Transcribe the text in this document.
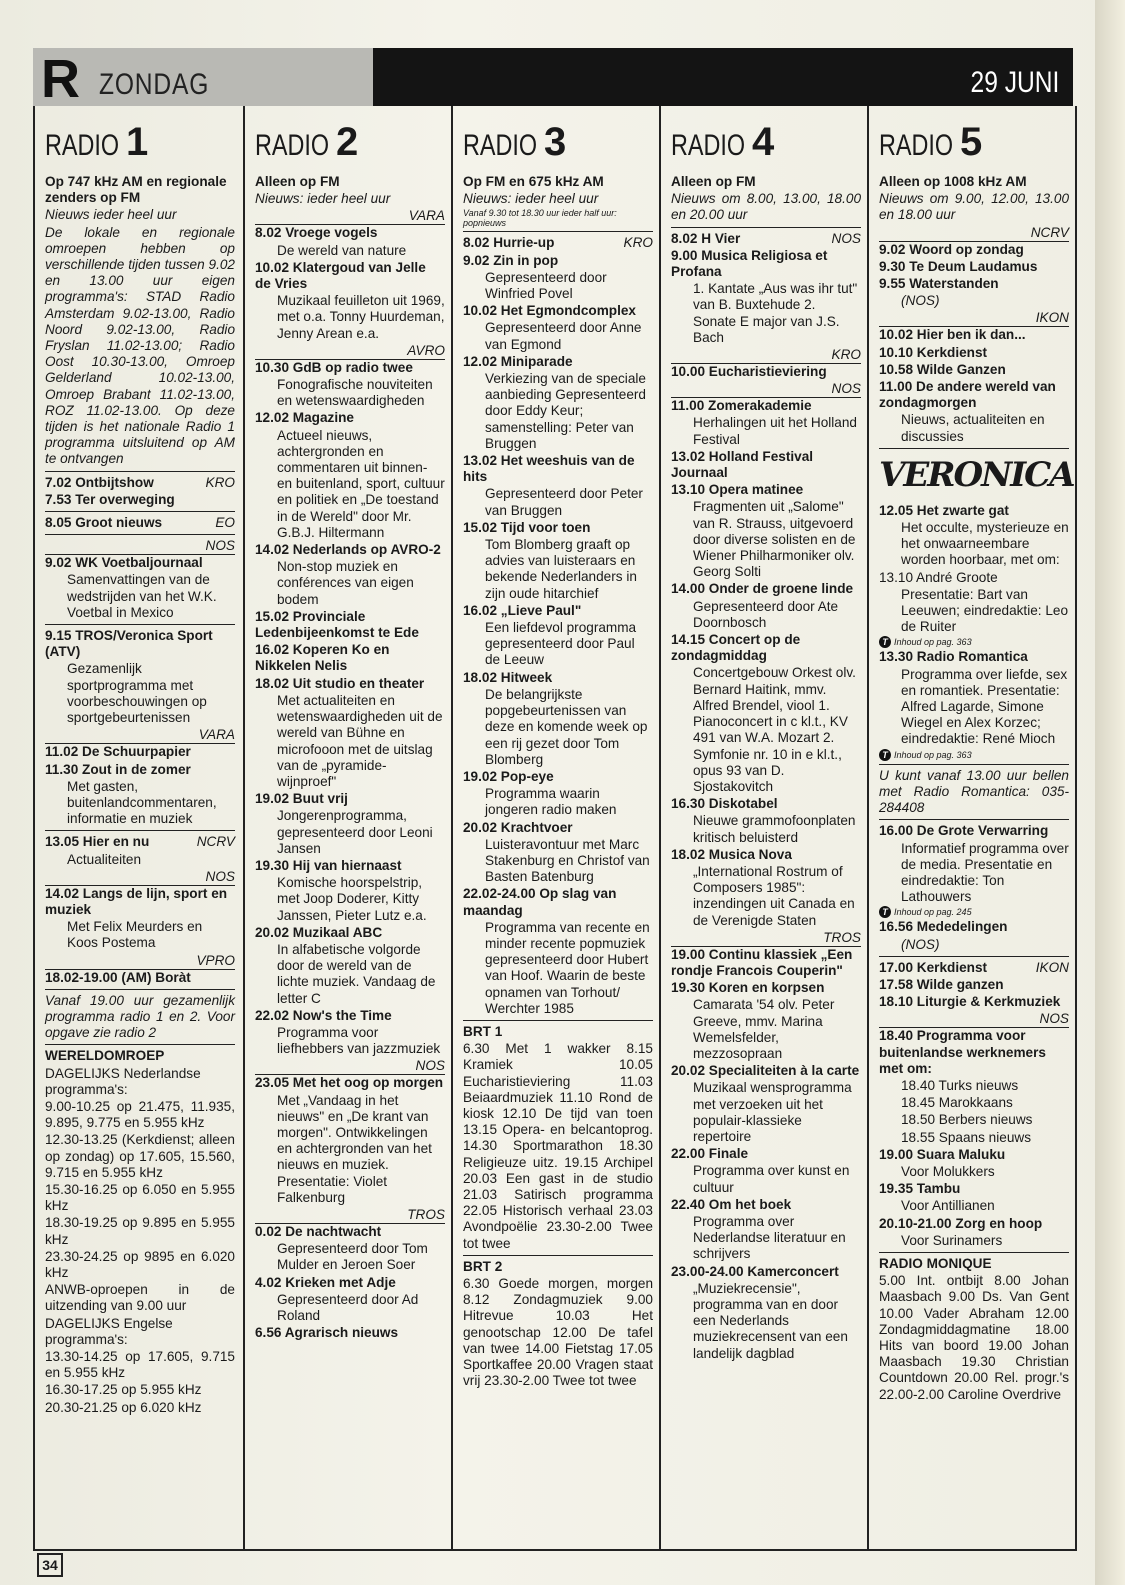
R ZONDAG	29 JUNI
RADIO 1
Op 747 kHz AM en regionale zenders op FM
Nieuws ieder heel uur
De lokale en regionale omroepen hebben op verschillende tijden tussen 9.02 en 13.00 uur eigen programma's: STAD Radio Amsterdam 9.02-13.00, Radio Noord 9.02-13.00, Radio Fryslan 11.02-13.00; Radio Oost 10.30-13.00, Omroep Gelderland 10.02-13.00, Omroep Brabant 11.02-13.00, ROZ 11.02-13.00. Op deze tijden is het nationale Radio 1 programma uitsluitend op AM te ontvangen
7.02 Ontbijtshow	KRO
7.53 Ter overweging
8.05 Groot nieuws	EO
NOS
9.02 WK Voetbaljournaal
Samenvattingen van de wedstrijden van het W.K. Voetbal in Mexico
9.15 TROS/Veronica Sport (ATV)
Gezamenlijk sportprogramma met voorbeschouwingen op sportgebeurtenissen
VARA
11.02 De Schuurpapier
11.30 Zout in de zomer
Met gasten, buitenlandcommentaren, informatie en muziek
13.05 Hier en nu	NCRV
Actualiteiten
NOS
14.02 Langs de lijn, sport en muziek
Met Felix Meurders en Koos Postema
VPRO
18.02-19.00 (AM) Boràt
Vanaf 19.00 uur gezamenlijk programma radio 1 en 2. Voor opgave zie radio 2
WERELDOMROEP
DAGELIJKS Nederlandse programma's:
9.00-10.25 op 21.475, 11.935, 9.895, 9.775 en 5.955 kHz
12.30-13.25 (Kerkdienst; alleen op zondag) op 17.605, 15.560, 9.715 en 5.955 kHz
15.30-16.25 op 6.050 en 5.955 kHz
18.30-19.25 op 9.895 en 5.955 kHz
23.30-24.25 op 9895 en 6.020 kHz
ANWB-oproepen in de uitzending van 9.00 uur
DAGELIJKS Engelse programma's:
13.30-14.25 op 17.605, 9.715 en 5.955 kHz
16.30-17.25 op 5.955 kHz
20.30-21.25 op 6.020 kHz
RADIO 2
Alleen op FM
Nieuws: ieder heel uur
VARA
8.02 Vroege vogels
De wereld van nature
10.02 Klatergoud van Jelle de Vries
Muzikaal feuilleton uit 1969, met o.a. Tonny Huurdeman, Jenny Arean e.a.
AVRO
10.30 GdB op radio twee
Fonografische nouviteiten en wetenswaardigheden
12.02 Magazine
Actueel nieuws, achtergronden en commentaren uit binnen- en buitenland, sport, cultuur en politiek en „De toestand in de Wereld" door Mr. G.B.J. Hiltermann
14.02 Nederlands op AVRO-2
Non-stop muziek en conférences van eigen bodem
15.02 Provinciale Ledenbijeenkomst te Ede
16.02 Koperen Ko en Nikkelen Nelis
18.02 Uit studio en theater
Met actualiteiten en wetenswaardigheden uit de wereld van Bühne en microfooon met de uitslag van de „pyramide-wijnproef"
19.02 Buut vrij
Jongerenprogramma, gepresenteerd door Leoni Jansen
19.30 Hij van hiernaast
Komische hoorspelstrip, met Joop Doderer, Kitty Janssen, Pieter Lutz e.a.
20.02 Muzikaal ABC
In alfabetische volgorde door de wereld van de lichte muziek. Vandaag de letter C
22.02 Now's the Time
Programma voor liefhebbers van jazzmuziek
NOS
23.05 Met het oog op morgen
Met „Vandaag in het nieuws" en „De krant van morgen". Ontwikkelingen en achtergronden van het nieuws en muziek. Presentatie: Violet Falkenburg
TROS
0.02 De nachtwacht
Gepresenteerd door Tom Mulder en Jeroen Soer
4.02 Krieken met Adje
Gepresenteerd door Ad Roland
6.56 Agrarisch nieuws
RADIO 3
Op FM en 675 kHz AM
Nieuws: ieder heel uur
Vanaf 9.30 tot 18.30 uur ieder half uur: popnieuws
8.02 Hurrie-up	KRO
9.02 Zin in pop
Gepresenteerd door Winfried Povel
10.02 Het Egmondcomplex
Gepresenteerd door Anne van Egmond
12.02 Miniparade
Verkiezing van de speciale aanbieding Gepresenteerd door Eddy Keur; samenstelling: Peter van Bruggen
13.02 Het weeshuis van de hits
Gepresenteerd door Peter van Bruggen
15.02 Tijd voor toen
Tom Blomberg graaft op advies van luisteraars en bekende Nederlanders in zijn oude hitarchief
16.02 „Lieve Paul"
Een liefdevol programma gepresenteerd door Paul de Leeuw
18.02 Hitweek
De belangrijkste popgebeurtenissen van deze en komende week op een rij gezet door Tom Blomberg
19.02 Pop-eye
Programma waarin jongeren radio maken
20.02 Krachtvoer
Luisteravontuur met Marc Stakenburg en Christof van Basten Batenburg
22.02-24.00 Op slag van maandag
Programma van recente en minder recente popmuziek gepresenteerd door Hubert van Hoof. Waarin de beste opnamen van Torhout/ Werchter 1985
BRT 1
6.30 Met 1 wakker 8.15 Kramiek 10.05 Eucharistieviering 11.03 Beiaardmuziek 11.10 Rond de kiosk 12.10 De tijd van toen 13.15 Opera- en belcantoprog. 14.30 Sportmarathon 18.30 Religieuze uitz. 19.15 Archipel 20.03 Een gast in de studio 21.03 Satirisch programma 22.05 Historisch verhaal 23.03 Avondpoëlie 23.30-2.00 Twee tot twee
BRT 2
6.30 Goede morgen, morgen 8.12 Zondagmuziek 9.00 Hitrevue 10.03 Het genootschap 12.00 De tafel van twee 14.00 Fietstag 17.05 Sportkaffee 20.00 Vragen staat vrij 23.30-2.00 Twee tot twee
RADIO 4
Alleen op FM
Nieuws om 8.00, 13.00, 18.00 en 20.00 uur
8.02 H Vier	NOS
9.00 Musica Religiosa et Profana
1. Kantate „Aus was ihr tut" van B. Buxtehude 2. Sonate E major van J.S. Bach
KRO
10.00 Eucharistieviering
NOS
11.00 Zomerakademie
Herhalingen uit het Holland Festival
13.02 Holland Festival Journaal
13.10 Opera matinee
Fragmenten uit „Salome" van R. Strauss, uitgevoerd door diverse solisten en de Wiener Philharmoniker olv. Georg Solti
14.00 Onder de groene linde
Gepresenteerd door Ate Doornbosch
14.15 Concert op de zondagmiddag
Concertgebouw Orkest olv. Bernard Haitink, mmv. Alfred Brendel, viool 1. Pianoconcert in c kl.t., KV 491 van W.A. Mozart 2. Symfonie nr. 10 in e kl.t., opus 93 van D. Sjostakovitch
16.30 Diskotabel
Nieuwe grammofoonplaten kritisch beluisterd
18.02 Musica Nova
„International Rostrum of Composers 1985": inzendingen uit Canada en de Verenigde Staten
TROS
19.00 Continu klassiek „Een rondje Francois Couperin"
19.30 Koren en korpsen
Camarata '54 olv. Peter Greeve, mmv. Marina Wemelsfelder, mezzosopraan
20.02 Specialiteiten à la carte
Muzikaal wensprogramma met verzoeken uit het populair-klassieke repertoire
22.00 Finale
Programma over kunst en cultuur
22.40 Om het boek
Programma over Nederlandse literatuur en schrijvers
23.00-24.00 Kamerconcert
„Muziekrecensie", programma van en door een Nederlands muziekrecensent van een landelijk dagblad
RADIO 5
Alleen op 1008 kHz AM
Nieuws om 9.00, 12.00, 13.00 en 18.00 uur
NCRV
9.02 Woord op zondag
9.30 Te Deum Laudamus
9.55 Waterstanden
(NOS)
IKON
10.02 Hier ben ik dan...
10.10 Kerkdienst
10.58 Wilde Ganzen
11.00 De andere wereld van zondagmorgen
Nieuws, actualiteiten en discussies
VERONICA
12.05 Het zwarte gat
Het occulte, mysterieuze en het onwaarneembare worden hoorbaar, met om:
13.10 André Groote
Presentatie: Bart van Leeuwen; eindredaktie: Leo de Ruiter
T Inhoud op pag. 363
13.30 Radio Romantica
Programma over liefde, sex en romantiek. Presentatie: Alfred Lagarde, Simone Wiegel en Alex Korzec; eindredaktie: René Mioch
T Inhoud op pag. 363
U kunt vanaf 13.00 uur bellen met Radio Romantica: 035-284408
16.00 De Grote Verwarring
Informatief programma over de media. Presentatie en eindredaktie: Ton Lathouwers
T Inhoud op pag. 245
16.56 Mededelingen
(NOS)
17.00 Kerkdienst	IKON
17.58 Wilde ganzen
18.10 Liturgie & Kerkmuziek
NOS
18.40 Programma voor buitenlandse werknemers met om:
18.40 Turks nieuws
18.45 Marokkaans
18.50 Berbers nieuws
18.55 Spaans nieuws
19.00 Suara Maluku
Voor Molukkers
19.35 Tambu
Voor Antillianen
20.10-21.00 Zorg en hoop
Voor Surinamers
RADIO MONIQUE
5.00 Int. ontbijt 8.00 Johan Maasbach 9.00 Ds. Van Gent 10.00 Vader Abraham 12.00 Zondagmiddagmatine 18.00 Hits van boord 19.00 Johan Maasbach 19.30 Christian Countdown 20.00 Rel. progr.'s 22.00-2.00 Caroline Overdrive
34
